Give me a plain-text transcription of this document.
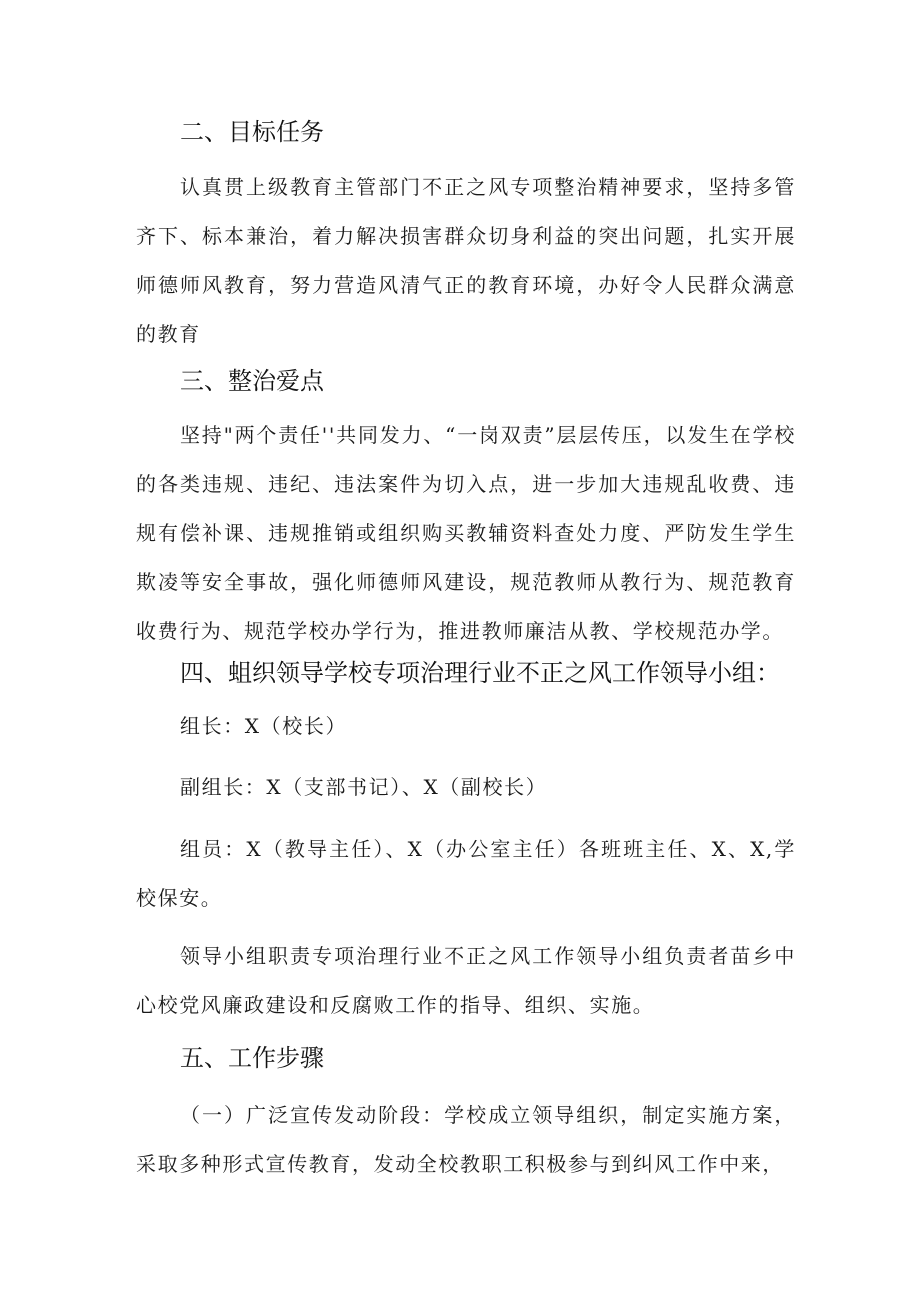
二、目标任务

认真贯上级教育主管部门不正之风专项整治精神要求，坚持多管齐下、标本兼治，着力解决损害群众切身利益的突出问题，扎实开展师德师风教育，努力营造风清气正的教育环境，办好令人民群众满意的教育

三、整治爱点

坚持"两个责任''共同发力、“一岗双责”层层传压，以发生在学校的各类违规、违纪、违法案件为切入点，进一步加大违规乱收费、违规有偿补课、违规推销或组织购买教辅资料查处力度、严防发生学生欺凌等安全事故，强化师德师风建设，规范教师从教行为、规范教育收费行为、规范学校办学行为，推进教师廉洁从教、学校规范办学。

四、蛆织领导学校专项治理行业不正之风工作领导小组：

组长：X（校长）

副组长：X（支部书记）、X（副校长）

组员：X（教导主任）、X（办公室主任）各班班主任、X、X,学校保安。

领导小组职责专项治理行业不正之风工作领导小组负责者苗乡中心校党风廉政建设和反腐败工作的指导、组织、实施。

五、工作步骤

（一）广泛宣传发动阶段：学校成立领导组织，制定实施方案，采取多种形式宣传教育，发动全校教职工积极参与到纠风工作中来，
